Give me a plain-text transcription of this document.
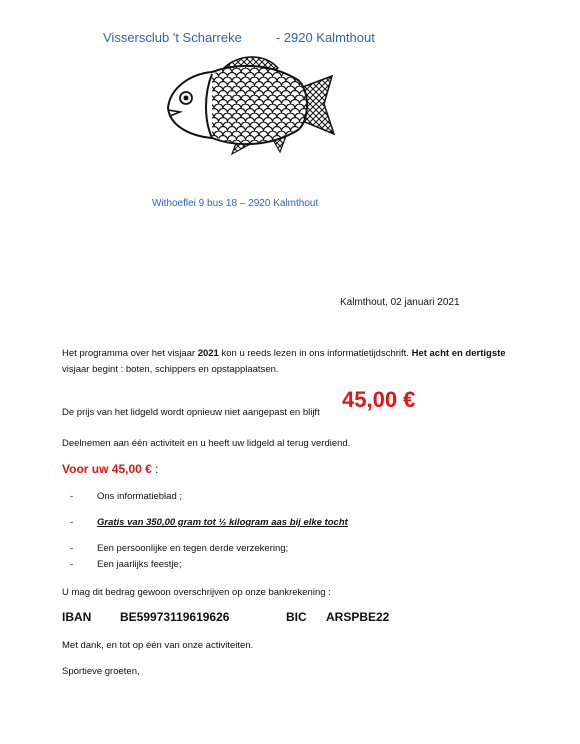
Vissersclub 't Scharreke	- 2920 Kalmthout
Withoeflei 9 bus 18 – 2920 Kalmthout
Kalmthout, 02 januari 2021
Het programma over het visjaar 2021 kon u reeds lezen in ons informatietijdschrift. Het acht en dertigste visjaar begint : boten, schippers en opstapplaatsen.
De prijs van het lidgeld wordt opnieuw niet aangepast en blijft
45,00 €
Deelnemen aan één activiteit en u heeft uw lidgeld al terug verdiend.
Voor uw 45,00 € :
-	Ons informatieblad ;
-	Gratis van 350,00 gram tot ½ kilogram aas bij elke tocht
-	Een persoonlijke en tegen derde verzekering;
-	Een jaarlijks feestje;
U mag dit bedrag gewoon overschrijven op onze bankrekening :
IBAN BE59973119619626	BIC ARSPBE22
Met dank, en tot op één van onze activiteiten.
Sportieve groeten,
